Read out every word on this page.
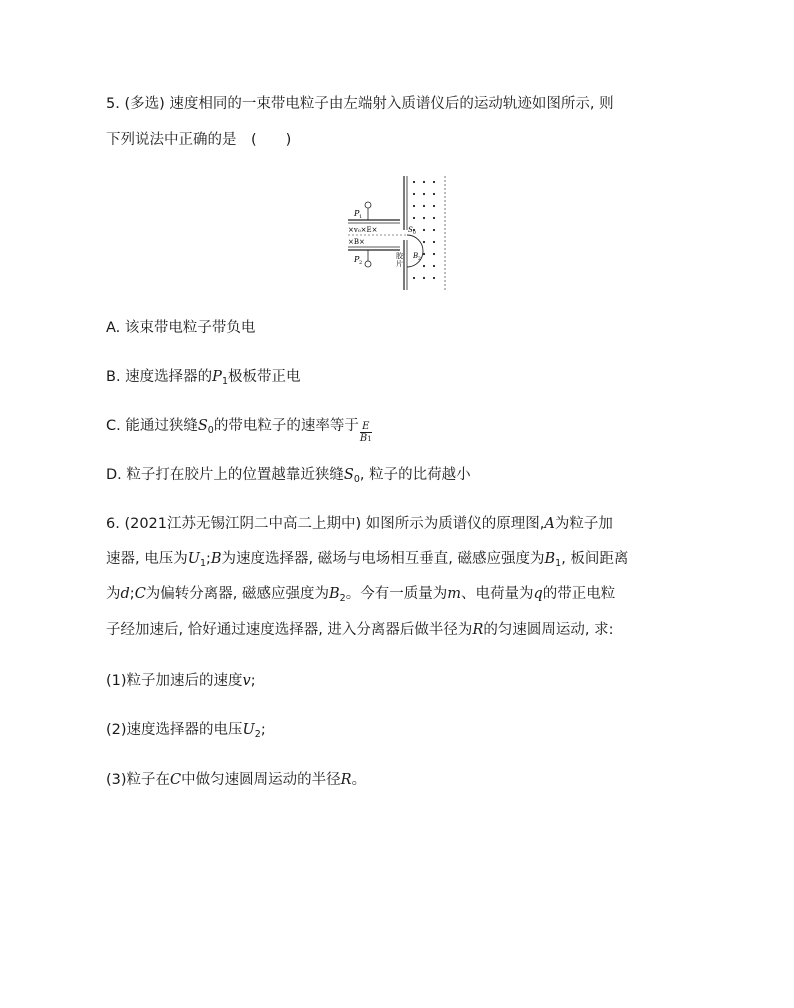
5. (多选) 速度相同的一束带电粒子由左端射入质谱仪后的运动轨迹如图所示, 则
下列说法中正确的是　(　　)
P 1
P 2
×v₀×E×
×B×
S 0
B 2
胶
片
A. 该束带电粒子带负电
B. 速度选择器的$P_1$极板带正电
C. 能通过狭缝$S_0$的带电粒子的速率等于 $\frac{E}{B1}$
D. 粒子打在胶片上的位置越靠近狭缝$S_0$, 粒子的比荷越小
6. (2021江苏无锡江阴二中高二上期中) 如图所示为质谱仪的原理图,A为粒子加
速器, 电压为$U_1;B$为速度选择器, 磁场与电场相互垂直, 磁感应强度为$B_1$, 板间距离
为d;C为偏转分离器, 磁感应强度为$B_2$。今有一质量为m、电荷量为q的带正电粒
子经加速后, 恰好通过速度选择器, 进入分离器后做半径为R的匀速圆周运动, 求:
(1)粒子加速后的速度v;
(2)速度选择器的电压$U_2$;
(3)粒子在C中做匀速圆周运动的半径R。
